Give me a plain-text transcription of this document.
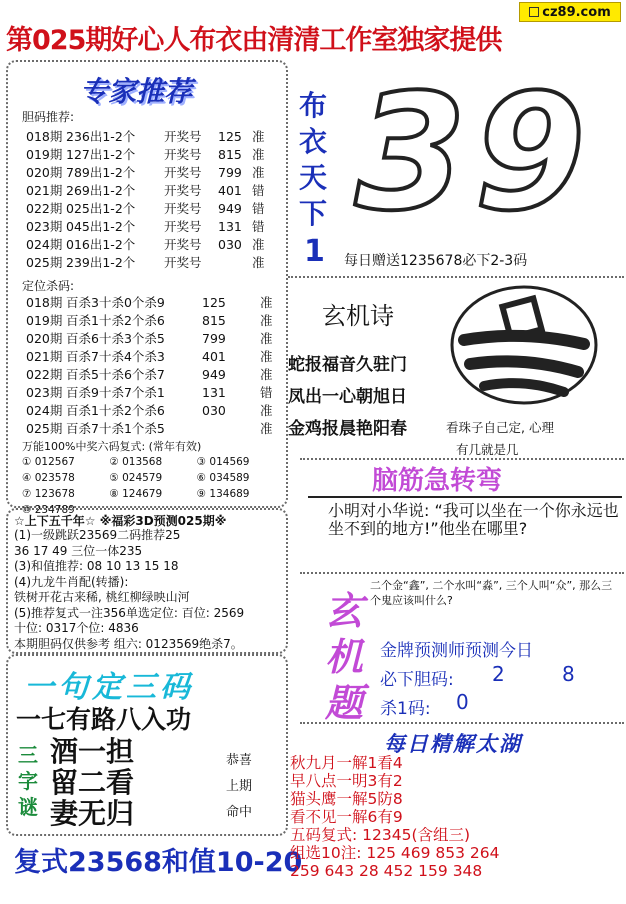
cz89.com
第025期好心人布衣由清清工作室独家提供
专家推荐
胆码推荐:
018期 236出1-2个	开奖号	125 准
019期 127出1-2个	开奖号	815 准
020期 789出1-2个	开奖号	799 准
021期 269出1-2个	开奖号	401 错
022期 025出1-2个	开奖号	949 错
023期 045出1-2个	开奖号	131 错
024期 016出1-2个	开奖号	030 准
025期 239出1-2个	开奖号	准
定位杀码:
018期 百杀3十杀0个杀9	125	准
019期 百杀1十杀2个杀6	815	准
020期 百杀6十杀3个杀5	799	准
021期 百杀7十杀4个杀3	401	准
022期 百杀5十杀6个杀7	949	准
023期 百杀9十杀7个杀1	131	错
024期 百杀1十杀2个杀6	030	准
025期 百杀7十杀1个杀5	准
万能100%中奖六码复式: (常年有效)
① 012567	② 013568	③ 014569
④ 023578	⑤ 024579	⑥ 034589
⑦ 123678	⑧ 124679	⑨ 134689
⑩ 234789
☆上下五千年☆ ※福彩3D预测025期※
(1)一级跳跃23569二码推荐25
36 17 49 三位一体235
(3)和值推荐: 08 10 13 15 18
(4)九龙牛肖配(转播):
铁树开花古来稀, 桃红柳绿映山河
(5)推荐复式一注356单选定位: 百位: 2569
十位: 0317个位: 4836
本期胆码仅供参考 组六: 0123569绝杀7。
一句定三码
一七有路八入功
三
字
谜
酒一担
留二看
妻无归
恭喜
上期
命中
复式23568和值10-20
布衣天下
1
39
每日赠送1235678必下2-3码
玄机诗
蛇报福音久驻门
凤出一心朝旭日
金鸡报晨艳阳春	看珠子自己定, 心理
有几就是几
脑筋急转弯
小明对小华说: “我可以坐在一个你永远也坐不到的地方!”他坐在哪里?
玄机题
二个金“鑫”, 二个水叫“淼”, 三个人叫“众”, 那么三个鬼应该叫什么?
金牌预测师预测今日
必下胆码: 2	8
杀1码: 0
每日精解太湖
秋九月一解1看4
早八点一明3有2
猫头鹰一解5防8
看不见一解6有9
五码复式: 12345(含组三)
组选10注: 125 469 853 264
259 643 28 452 159 348
